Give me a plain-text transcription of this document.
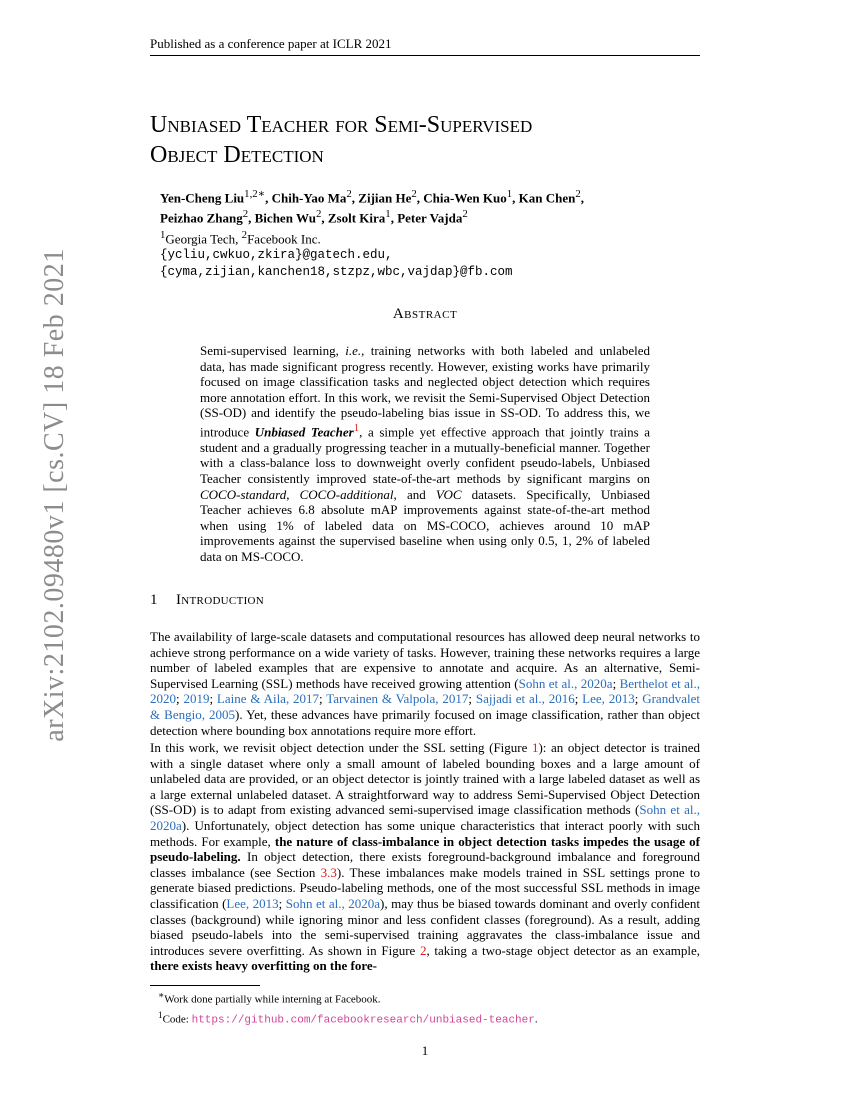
Published as a conference paper at ICLR 2021
arXiv:2102.09480v1 [cs.CV] 18 Feb 2021
Unbiased Teacher for Semi-Supervised
Object Detection
Yen-Cheng Liu$^{1,2∗}$, Chih-Yao Ma$^2$, Zijian He$^2$, Chia-Wen Kuo$^1$, Kan Chen$^2$,
Peizhao Zhang$^2$, Bichen Wu$^2$, Zsolt Kira$^1$, Peter Vajda$^2$
$^1$Georgia Tech, $^2$Facebook Inc.
{ycliu,cwkuo,zkira}@gatech.edu,
{cyma,zijian,kanchen18,stzpz,wbc,vajdap}@fb.com
Abstract
Semi-supervised learning, i.e., training networks with both labeled and unlabeled data, has made significant progress recently. However, existing works have primarily focused on image classification tasks and neglected object detection which requires more annotation effort. In this work, we revisit the Semi-Supervised Object Detection (SS-OD) and identify the pseudo-labeling bias issue in SS-OD. To address this, we introduce Unbiased Teacher$^1$, a simple yet effective approach that jointly trains a student and a gradually progressing teacher in a mutually-beneficial manner. Together with a class-balance loss to downweight overly confident pseudo-labels, Unbiased Teacher consistently improved state-of-the-art methods by significant margins on COCO-standard, COCO-additional, and VOC datasets. Specifically, Unbiased Teacher achieves 6.8 absolute mAP improvements against state-of-the-art method when using 1% of labeled data on MS-COCO, achieves around 10 mAP improvements against the supervised baseline when using only 0.5, 1, 2% of labeled data on MS-COCO.
1 Introduction
The availability of large-scale datasets and computational resources has allowed deep neural networks to achieve strong performance on a wide variety of tasks. However, training these networks requires a large number of labeled examples that are expensive to annotate and acquire. As an alternative, Semi-Supervised Learning (SSL) methods have received growing attention (Sohn et al., 2020a; Berthelot et al., 2020; 2019; Laine & Aila, 2017; Tarvainen & Valpola, 2017; Sajjadi et al., 2016; Lee, 2013; Grandvalet & Bengio, 2005). Yet, these advances have primarily focused on image classification, rather than object detection where bounding box annotations require more effort.
In this work, we revisit object detection under the SSL setting (Figure 1): an object detector is trained with a single dataset where only a small amount of labeled bounding boxes and a large amount of unlabeled data are provided, or an object detector is jointly trained with a large labeled dataset as well as a large external unlabeled dataset. A straightforward way to address Semi-Supervised Object Detection (SS-OD) is to adapt from existing advanced semi-supervised image classification methods (Sohn et al., 2020a). Unfortunately, object detection has some unique characteristics that interact poorly with such methods. For example, the nature of class-imbalance in object detection tasks impedes the usage of pseudo-labeling. In object detection, there exists foreground-background imbalance and foreground classes imbalance (see Section 3.3). These imbalances make models trained in SSL settings prone to generate biased predictions. Pseudo-labeling methods, one of the most successful SSL methods in image classification (Lee, 2013; Sohn et al., 2020a), may thus be biased towards dominant and overly confident classes (background) while ignoring minor and less confident classes (foreground). As a result, adding biased pseudo-labels into the semi-supervised training aggravates the class-imbalance issue and introduces severe overfitting. As shown in Figure 2, taking a two-stage object detector as an example, there exists heavy overfitting on the fore-
∗Work done partially while interning at Facebook.
$^1$Code: https://github.com/facebookresearch/unbiased-teacher.
1
